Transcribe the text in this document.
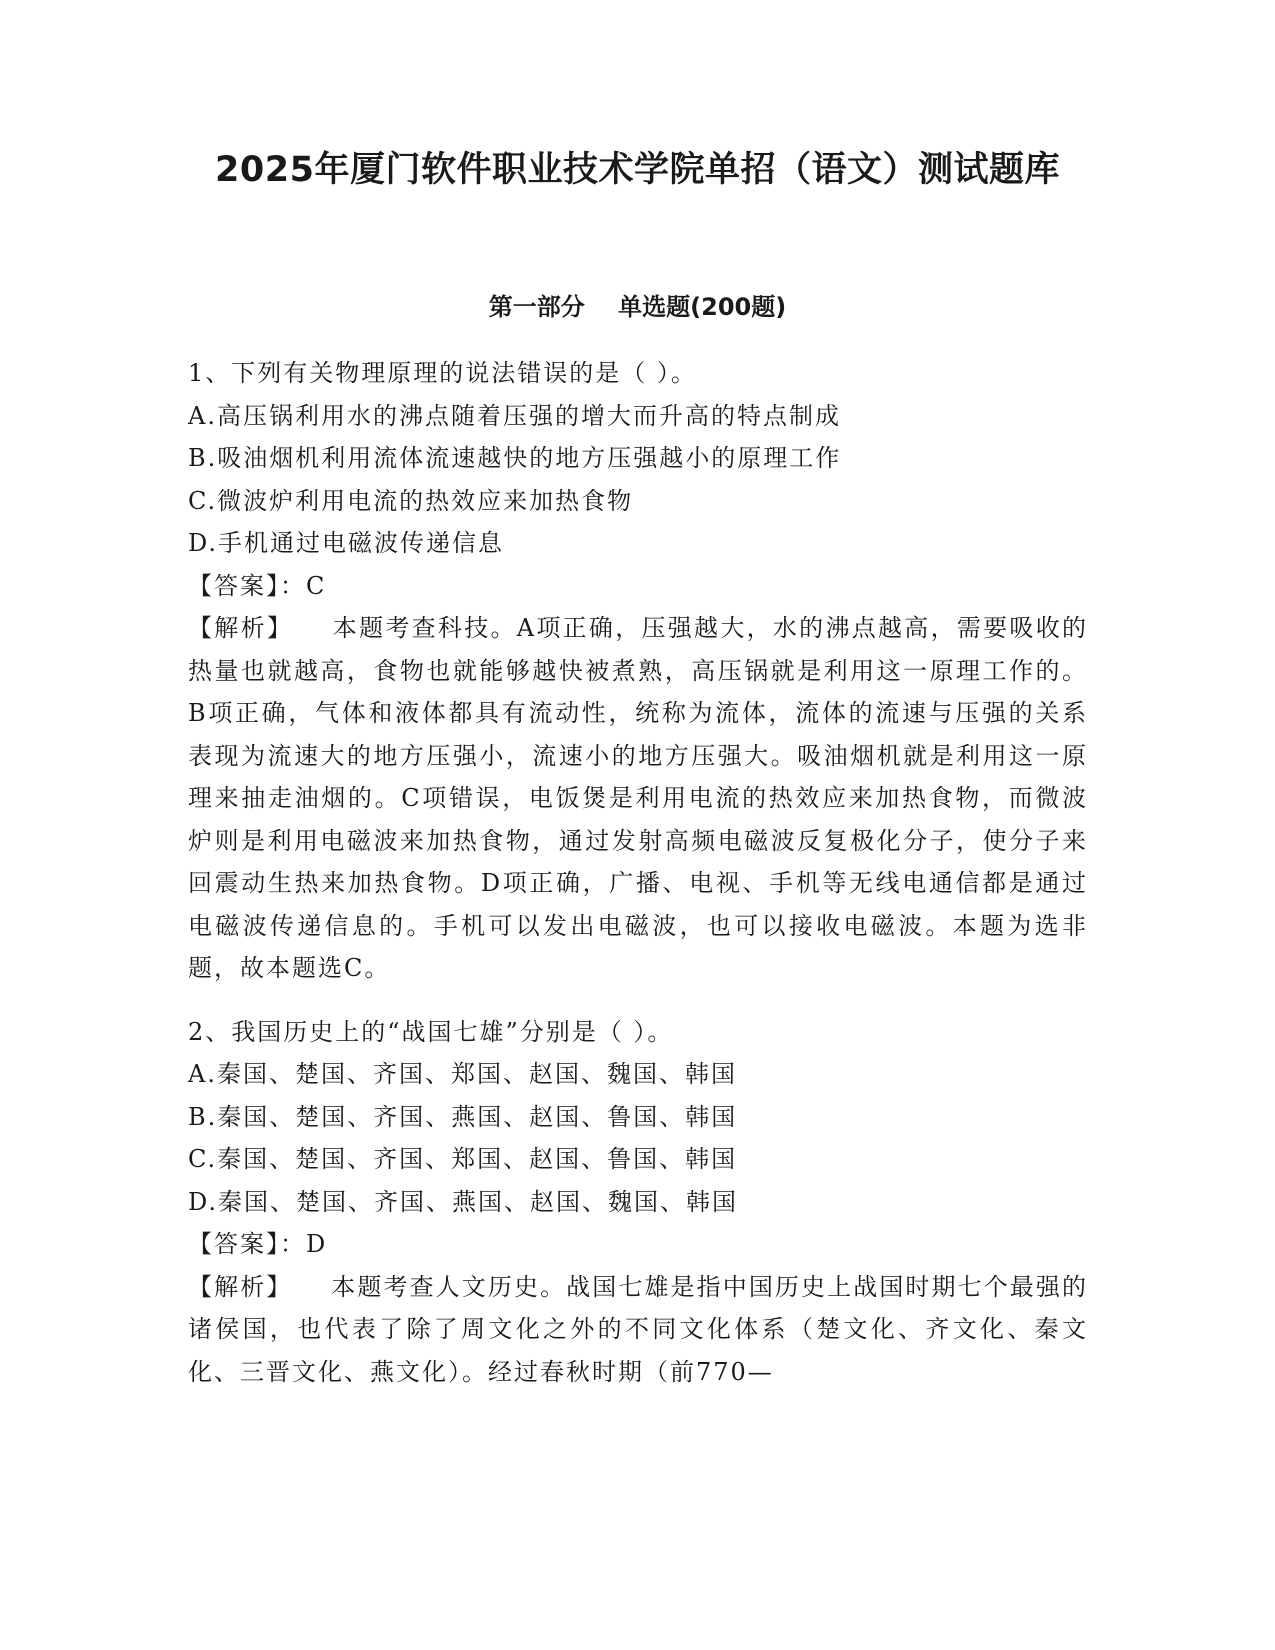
2025年厦门软件职业技术学院单招（语文）测试题库
第一部分    单选题(200题)

1、下列有关物理原理的说法错误的是（ ）。

A.高压锅利用水的沸点随着压强的增大而升高的特点制成

B.吸油烟机利用流体流速越快的地方压强越小的原理工作

C.微波炉利用电流的热效应来加热食物

D.手机通过电磁波传递信息

【答案】：C

【解析】    本题考查科技。A项正确，压强越大，水的沸点越高，需要吸收的热量也就越高，食物也就能够越快被煮熟，高压锅就是利用这一原理工作的。B项正确，气体和液体都具有流动性，统称为流体，流体的流速与压强的关系表现为流速大的地方压强小，流速小的地方压强大。吸油烟机就是利用这一原理来抽走油烟的。C项错误，电饭煲是利用电流的热效应来加热食物，而微波炉则是利用电磁波来加热食物，通过发射高频电磁波反复极化分子，使分子来回震动生热来加热食物。D项正确，广播、电视、手机等无线电通信都是通过电磁波传递信息的。手机可以发出电磁波，也可以接收电磁波。本题为选非题，故本题选C。

2、我国历史上的“战国七雄”分别是（ ）。

A.秦国、楚国、齐国、郑国、赵国、魏国、韩国

B.秦国、楚国、齐国、燕国、赵国、鲁国、韩国

C.秦国、楚国、齐国、郑国、赵国、鲁国、韩国

D.秦国、楚国、齐国、燕国、赵国、魏国、韩国

【答案】：D

【解析】    本题考查人文历史。战国七雄是指中国历史上战国时期七个最强的诸侯国，也代表了除了周文化之外的不同文化体系（楚文化、齐文化、秦文化、三晋文化、燕文化）。经过春秋时期（前770—
